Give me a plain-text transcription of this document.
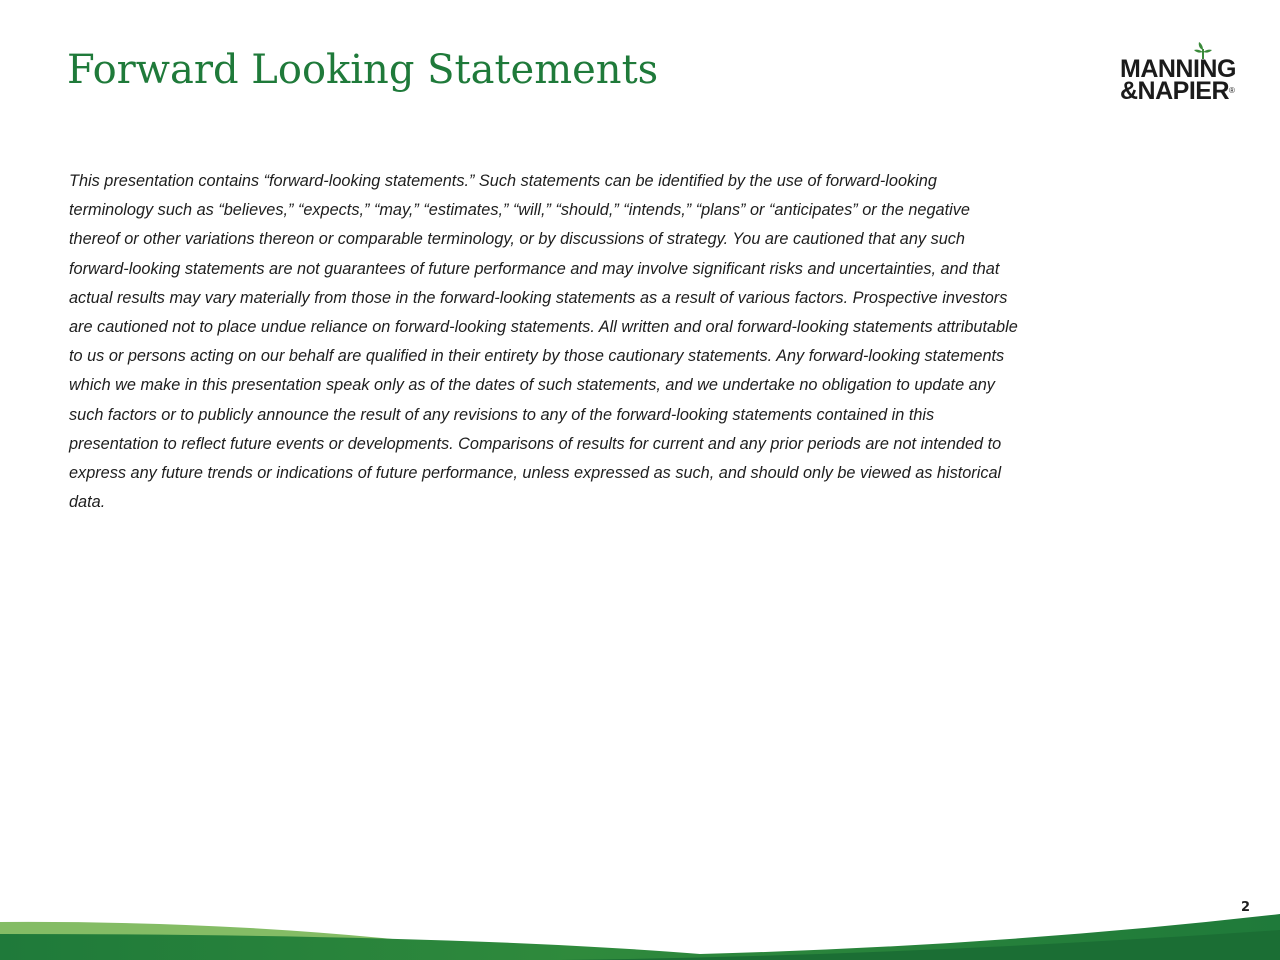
Forward Looking Statements	MANNING
&NAPIER®
This presentation contains “forward-looking statements.” Such statements can be identified by the use of forward-looking
terminology such as “believes,” “expects,” “may,” “estimates,” “will,” “should,” “intends,” “plans” or “anticipates” or the negative
thereof or other variations thereon or comparable terminology, or by discussions of strategy. You are cautioned that any such
forward-looking statements are not guarantees of future performance and may involve significant risks and uncertainties, and that
actual results may vary materially from those in the forward-looking statements as a result of various factors. Prospective investors
are cautioned not to place undue reliance on forward-looking statements. All written and oral forward-looking statements attributable
to us or persons acting on our behalf are qualified in their entirety by those cautionary statements. Any forward-looking statements
which we make in this presentation speak only as of the dates of such statements, and we undertake no obligation to update any
such factors or to publicly announce the result of any revisions to any of the forward-looking statements contained in this
presentation to reflect future events or developments. Comparisons of results for current and any prior periods are not intended to
express any future trends or indications of future performance, unless expressed as such, and should only be viewed as historical
data.
2
